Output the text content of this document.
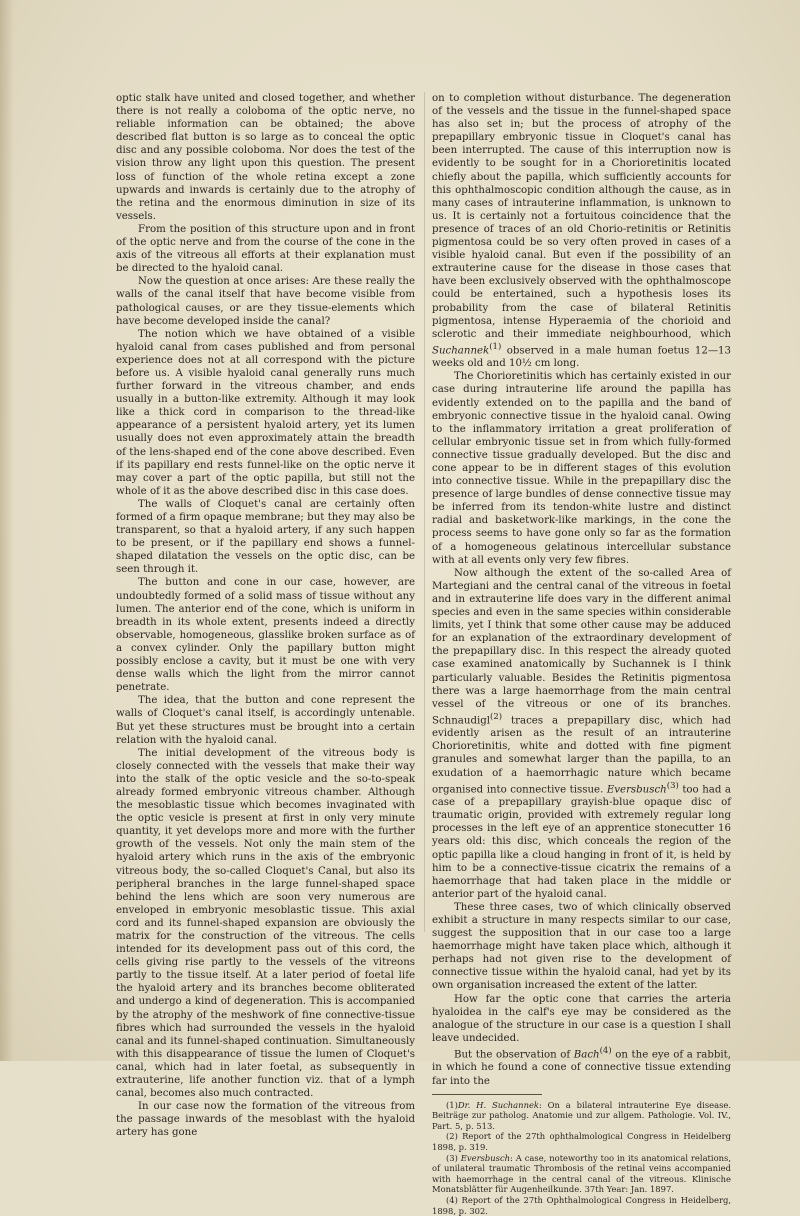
optic stalk have united and closed together, and whether there is not really a coloboma of the optic nerve, no reliable information can be obtained; the above described flat button is so large as to conceal the optic disc and any possible coloboma. Nor does the test of the vision throw any light upon this question. The present loss of function of the whole retina except a zone upwards and inwards is certainly due to the atrophy of the retina and the enormous diminution in size of its vessels.

From the position of this structure upon and in front of the optic nerve and from the course of the cone in the axis of the vitreous all efforts at their explanation must be directed to the hyaloid canal.

Now the question at once arises: Are these really the walls of the canal itself that have become visible from pathological causes, or are they tissue-elements which have become developed inside the canal?

The notion which we have obtained of a visible hyaloid canal from cases published and from personal experience does not at all correspond with the picture before us. A visible hyaloid canal generally runs much further forward in the vitreous chamber, and ends usually in a button-like extremity. Although it may look like a thick cord in comparison to the thread-like appearance of a persistent hyaloid artery, yet its lumen usually does not even approximately attain the breadth of the lens-shaped end of the cone above described. Even if its papillary end rests funnel-like on the optic nerve it may cover a part of the optic papilla, but still not the whole of it as the above described disc in this case does.

The walls of Cloquet's canal are certainly often formed of a firm opaque membrane; but they may also be transparent, so that a hyaloid artery, if any such happen to be present, or if the papillary end shows a funnel-shaped dilatation the vessels on the optic disc, can be seen through it.

The button and cone in our case, however, are undoubtedly formed of a solid mass of tissue without any lumen. The anterior end of the cone, which is uniform in breadth in its whole extent, presents indeed a directly observable, homogeneous, glasslike broken surface as of a convex cylinder. Only the papillary button might possibly enclose a cavity, but it must be one with very dense walls which the light from the mirror cannot penetrate.

The idea, that the button and cone represent the walls of Cloquet's canal itself, is accordingly untenable. But yet these structures must be brought into a certain relation with the hyaloid canal.

The initial development of the vitreous body is closely connected with the vessels that make their way into the stalk of the optic vesicle and the so-to-speak already formed embryonic vitreous chamber. Although the mesoblastic tissue which becomes invaginated with the optic vesicle is present at first in only very minute quantity, it yet develops more and more with the further growth of the vessels. Not only the main stem of the hyaloid artery which runs in the axis of the embryonic vitreous body, the so-called Cloquet's Canal, but also its peripheral branches in the large funnel-shaped space behind the lens which are soon very numerous are enveloped in embryonic mesoblastic tissue. This axial cord and its funnel-shaped expansion are obviously the matrix for the construction of the vitreous. The cells intended for its development pass out of this cord, the cells giving rise partly to the vessels of the vitreons partly to the tissue itself. At a later period of foetal life the hyaloid artery and its branches become obliterated and undergo a kind of degeneration. This is accompanied by the atrophy of the meshwork of fine connective-tissue fibres which had surrounded the vessels in the hyaloid canal and its funnel-shaped continuation. Simultaneously with this disappearance of tissue the lumen of Cloquet's canal, which had in later foetal, as subsequently in extrauterine, life another function viz. that of a lymph canal, becomes also much contracted.

In our case now the formation of the vitreous from the passage inwards of the mesoblast with the hyaloid artery has gone

on to completion without disturbance. The degeneration of the vessels and the tissue in the funnel-shaped space has also set in; but the process of atrophy of the prepapillary embryonic tissue in Cloquet's canal has been interrupted. The cause of this interruption now is evidently to be sought for in a Chorioretinitis located chiefly about the papilla, which sufficiently accounts for this ophthalmoscopic condition although the cause, as in many cases of intrauterine inflammation, is unknown to us. It is certainly not a fortuitous coincidence that the presence of traces of an old Chorio-retinitis or Retinitis pigmentosa could be so very often proved in cases of a visible hyaloid canal. But even if the possibility of an extrauterine cause for the disease in those cases that have been exclusively observed with the ophthalmoscope could be entertained, such a hypothesis loses its probability from the case of bilateral Retinitis pigmentosa, intense Hyperaemia of the chorioid and sclerotic and their immediate neighbourhood, which Suchannek$^{(1)}$ observed in a male human foetus 12—13 weeks old and 10½ cm long.

The Chorioretinitis which has certainly existed in our case during intrauterine life around the papilla has evidently extended on to the papilla and the band of embryonic connective tissue in the hyaloid canal. Owing to the inflammatory irritation a great proliferation of cellular embryonic tissue set in from which fully-formed connective tissue gradually developed. But the disc and cone appear to be in different stages of this evolution into connective tissue. While in the prepapillary disc the presence of large bundles of dense connective tissue may be inferred from its tendon-white lustre and distinct radial and basketwork-like markings, in the cone the process seems to have gone only so far as the formation of a homogeneous gelatinous intercellular substance with at all events only very few fibres.

Now although the extent of the so-called Area of Martegiani and the central canal of the vitreous in foetal and in extrauterine life does vary in the different animal species and even in the same species within considerable limits, yet I think that some other cause may be adduced for an explanation of the extraordinary development of the prepapillary disc. In this respect the already quoted case examined anatomically by Suchannek is I think particularly valuable. Besides the Retinitis pigmentosa there was a large haemorrhage from the main central vessel of the vitreous or one of its branches. Schnaudigl$^{(2)}$ traces a prepapillary disc, which had evidently arisen as the result of an intrauterine Chorioretinitis, white and dotted with fine pigment granules and somewhat larger than the papilla, to an exudation of a haemorrhagic nature which became organised into connective tissue. Eversbusch$^{(3)}$ too had a case of a prepapillary grayish-blue opaque disc of traumatic origin, provided with extremely regular long processes in the left eye of an apprentice stonecutter 16 years old: this disc, which conceals the region of the optic papilla like a cloud hanging in front of it, is held by him to be a connective-tissue cicatrix the remains of a haemorrhage that had taken place in the middle or anterior part of the hyaloid canal.

These three cases, two of which clinically observed exhibit a structure in many respects similar to our case, suggest the supposition that in our case too a large haemorrhage might have taken place which, although it perhaps had not given rise to the development of connective tissue within the hyaloid canal, had yet by its own organisation increased the extent of the latter.

How far the optic cone that carries the arteria hyaloidea in the calf's eye may be considered as the analogue of the structure in our case is a question I shall leave undecided.

But the observation of Bach$^{(4)}$ on the eye of a rabbit, in which he found a cone of connective tissue extending far into the

(1)Dr. H. Suchannek: On a bilateral intrauterine Eye disease. Beiträge zur patholog. Anatomie und zur allgem. Pathologie. Vol. IV., Part. 5, p. 513.
(2) Report of the 27th ophthalmological Congress in Heidelberg 1898, p. 319.
(3) Eversbusch: A case, noteworthy too in its anatomical relations, of unilateral traumatic Thrombosis of the retinal veins accompanied with haemorrhage in the central canal of the vitreous. Klinische Monatsblätter für Augenheilkunde. 37th Year: Jan. 1897.
(4) Report of the 27th Ophthalmological Congress in Heidelberg, 1898, p. 302.
